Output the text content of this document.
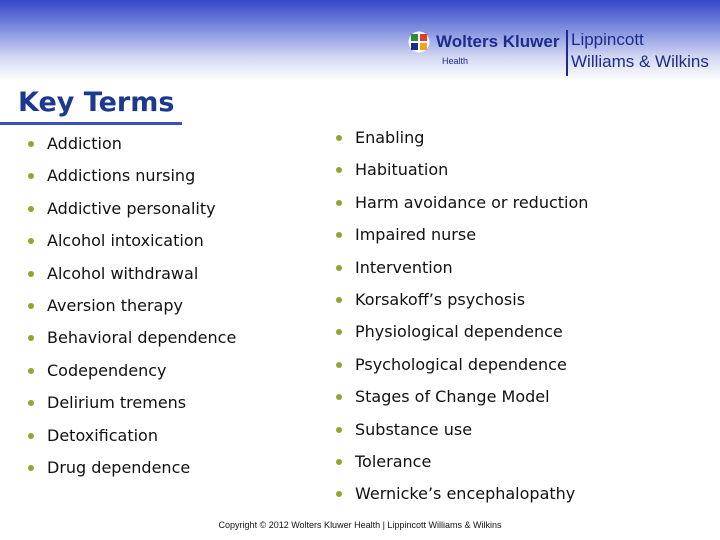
Wolters Kluwer
Health
Lippincott
Williams & Wilkins
Key Terms
Addiction
Addictions nursing
Addictive personality
Alcohol intoxication
Alcohol withdrawal
Aversion therapy
Behavioral dependence
Codependency
Delirium tremens
Detoxification
Drug dependence
Enabling
Habituation
Harm avoidance or reduction
Impaired nurse
Intervention
Korsakoff’s psychosis
Physiological dependence
Psychological dependence
Stages of Change Model
Substance use
Tolerance
Wernicke’s encephalopathy
Copyright © 2012 Wolters Kluwer Health | Lippincott Williams & Wilkins
